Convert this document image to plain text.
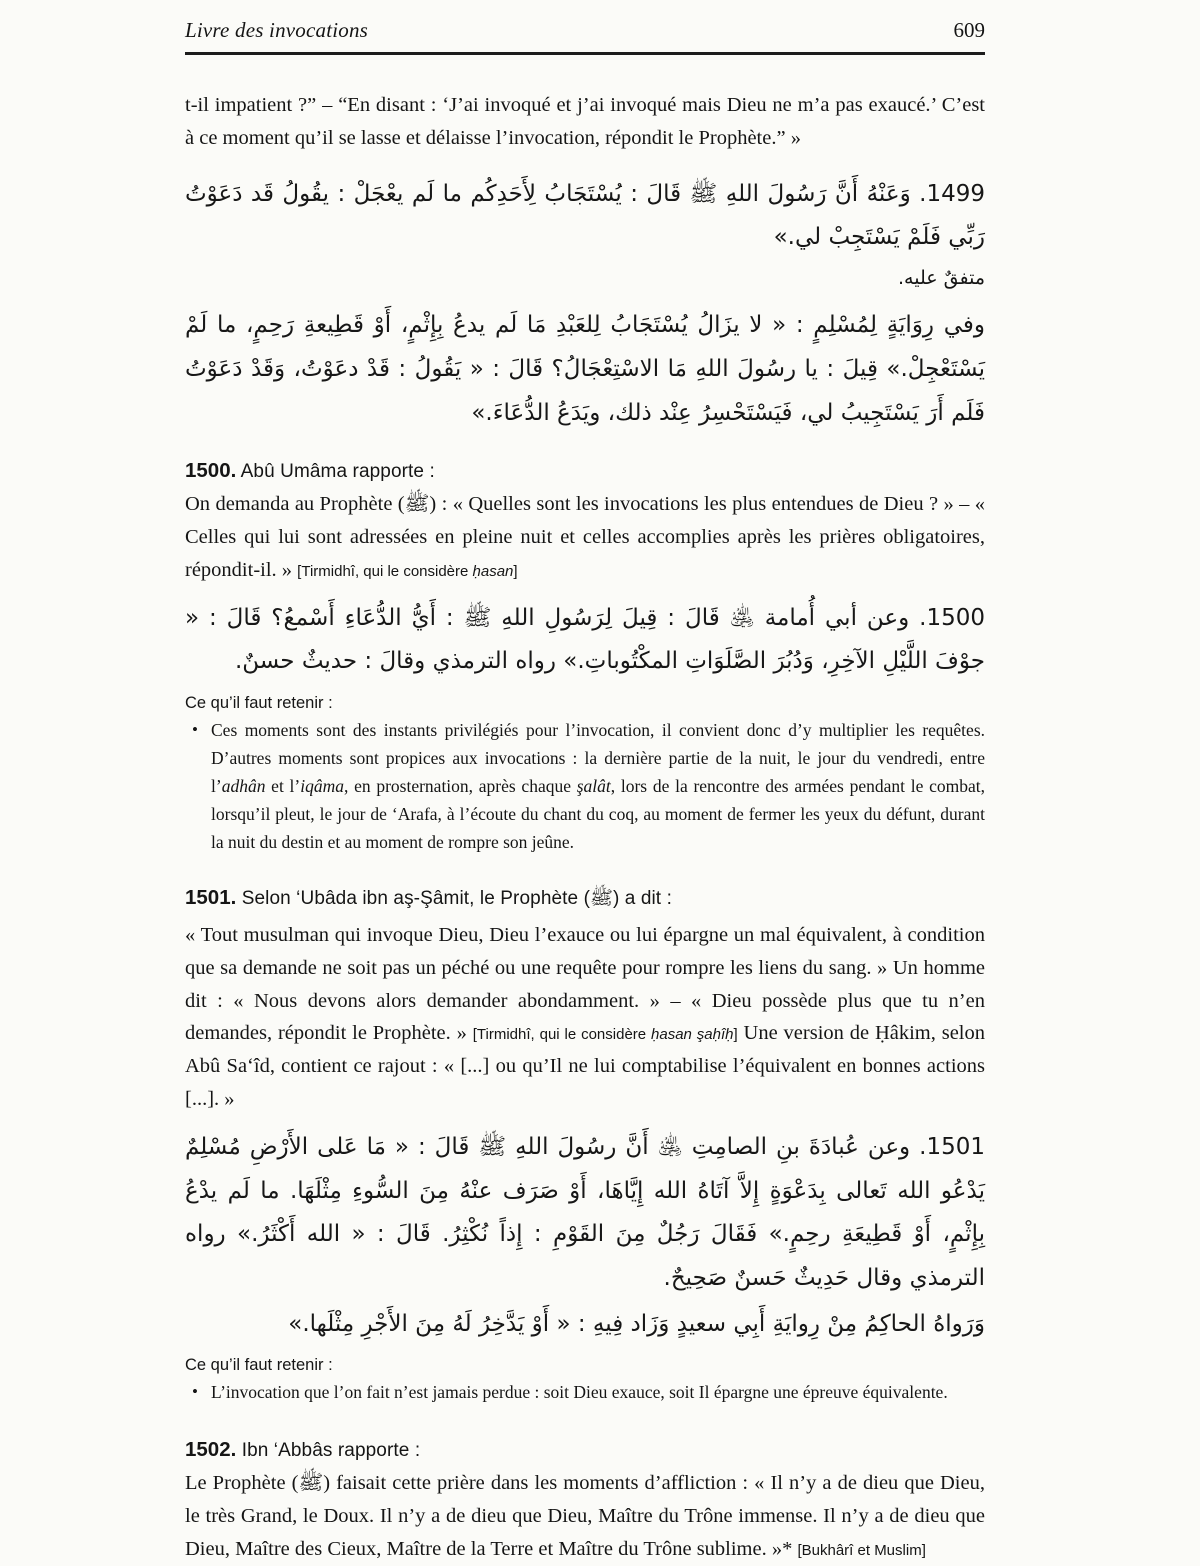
Livre des invocations	609

t-il impatient ?” – “En disant : ‘J’ai invoqué et j’ai invoqué mais Dieu ne m’a pas exaucé.’ C’est à ce moment qu’il se lasse et délaisse l’invocation, répondit le Prophète.” »

1499. وَعَنْهُ أَنَّ رَسُولَ اللهِ ﷺ قَالَ : يُسْتَجَابُ لِأَحَدِكُم ما لَم يعْجَلْ : يقُولُ قَد دَعَوْتُ رَبِّي فَلَمْ يَسْتَجِبْ لي.»

متفقٌ عليه.

وفي رِوَايَةٍ لِمُسْلِمٍ : « لا يزَالُ يُسْتَجَابُ لِلعَبْدِ مَا لَم يدعُ بِإِثْمٍ، أَوْ قَطِيعةِ رَحِمٍ، ما لَمْ يَسْتَعْجِلْ.» قِيلَ : يا رسُولَ اللهِ مَا الاسْتِعْجَالُ؟ قَالَ : « يَقُولُ : قَدْ دعَوْتُ، وَقَدْ دَعَوْتُ فَلَم أَرَ يَسْتَجِيبُ لي، فَيَسْتَحْسِرُ عِنْد ذلك، ويَدَعُ الدُّعَاءَ.»

1500. Abû Umâma rapporte :

On demanda au Prophète (ﷺ) : « Quelles sont les invocations les plus entendues de Dieu ? » – « Celles qui lui sont adressées en pleine nuit et celles accomplies après les prières obligatoires, répondit-il. » [Tirmidhî, qui le considère ḥasan]

1500. وعن أبي أُمامة ﵁ قَالَ : قِيلَ لِرَسُولِ اللهِ ﷺ : أَيُّ الدُّعَاءِ أَسْمعُ؟ قَالَ : « جوْفَ اللَّيْلِ الآخِرِ، وَدُبُرَ الصَّلَوَاتِ المكْتُوباتِ.» رواه الترمذي وقالَ : حديثٌ حسنٌ.

Ce qu’il faut retenir :
• Ces moments sont des instants privilégiés pour l’invocation, il convient donc d’y multiplier les requêtes. D’autres moments sont propices aux invocations : la dernière partie de la nuit, le jour du vendredi, entre l’adhân et l’iqâma, en prosternation, après chaque şalât, lors de la rencontre des armées pendant le combat, lorsqu’il pleut, le jour de ‘Arafa, à l’écoute du chant du coq, au moment de fermer les yeux du défunt, durant la nuit du destin et au moment de rompre son jeûne.

1501. Selon ‘Ubâda ibn aş-Şâmit, le Prophète (ﷺ) a dit :

« Tout musulman qui invoque Dieu, Dieu l’exauce ou lui épargne un mal équivalent, à condition que sa demande ne soit pas un péché ou une requête pour rompre les liens du sang. » Un homme dit : « Nous devons alors demander abondamment. » – « Dieu possède plus que tu n’en demandes, répondit le Prophète. » [Tirmidhî, qui le considère ḥasan şaḥîḥ] Une version de Ḥâkim, selon Abû Sa‘îd, contient ce rajout : « [...] ou qu’Il ne lui comptabilise l’équivalent en bonnes actions [...]. »

1501. وعن عُبادَةَ بنِ الصامِتِ ﵁ أَنَّ رسُولَ اللهِ ﷺ قَالَ : « مَا عَلى الأَرْضِ مُسْلِمٌ يَدْعُو الله تَعالى بِدَعْوَةٍ إِلاَّ آتَاهُ الله إِيَّاهَا، أَوْ صَرَف عنْهُ مِنَ السُّوءِ مِثْلَهَا. ما لَم يدْعُ بِإِثْمٍ، أَوْ قَطِيعَةِ رحِمٍ.» فَقَالَ رَجُلٌ مِنَ القَوْمِ : إِذاً نُكْثِرُ. قَالَ : « الله أَكْثَرُ.» رواه الترمذي وقال حَدِيثٌ حَسنٌ صَحِيحٌ.

وَرَواهُ الحاكِمُ مِنْ رِوايَةِ أَبِي سعيدٍ وَزَاد فِيهِ : « أَوْ يَدَّخِرُ لَهُ مِنَ الأَجْرِ مِثْلَها.»

Ce qu’il faut retenir :
• L’invocation que l’on fait n’est jamais perdue : soit Dieu exauce, soit Il épargne une épreuve équivalente.

1502. Ibn ‘Abbâs rapporte :

Le Prophète (ﷺ) faisait cette prière dans les moments d’affliction : « Il n’y a de dieu que Dieu, le très Grand, le Doux. Il n’y a de dieu que Dieu, Maître du Trône immense. Il n’y a de dieu que Dieu, Maître des Cieux, Maître de la Terre et Maître du Trône sublime. »* [Bukhârî et Muslim]
